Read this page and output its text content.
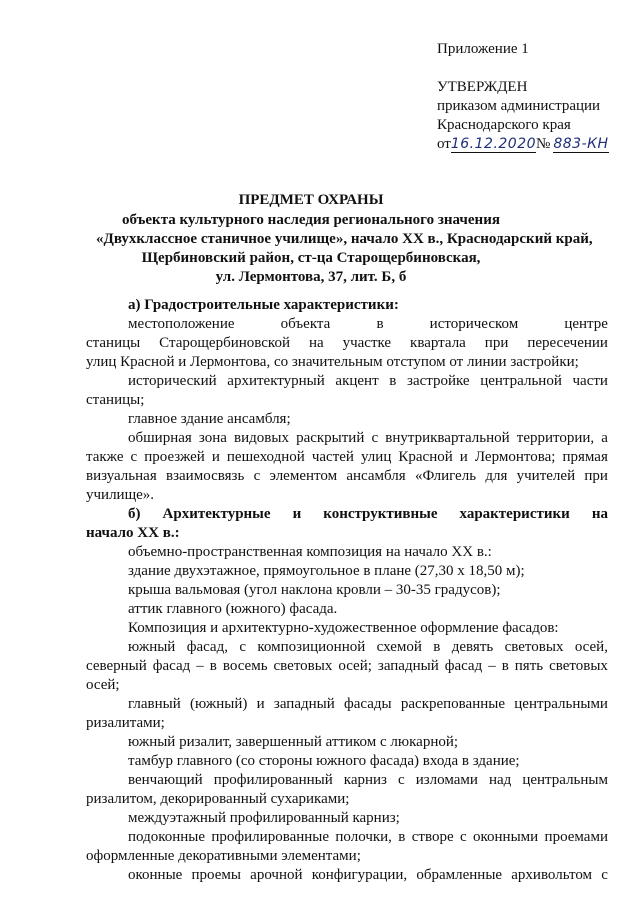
Приложение 1
УТВЕРЖДЕН
приказом администрации
Краснодарского края
от16.12.2020№ 883-КН
ПРЕДМЕТ ОХРАНЫ
объекта культурного наследия регионального значения
«Двухклассное станичное училище», начало XX в., Краснодарский край,
Щербиновский район, ст-ца Старощербиновская,
ул. Лермонтова, 37, лит. Б, б
а) Градостроительные характеристики:
местоположение	объекта	в	историческом	центре
станицы Старощербиновской на участке квартала при пересечении
улиц Красной и Лермонтова, со значительным отступом от линии застройки;
исторический архитектурный акцент в застройке центральной части
станицы;
главное здание ансамбля;
обширная зона видовых раскрытий с внутриквартальной территории, а
также с проезжей и пешеходной частей улиц Красной и Лермонтова; прямая
визуальная взаимосвязь с элементом ансамбля «Флигель для учителей при
училище».
б) Архитектурные и конструктивные характеристики на
начало XX в.:
объемно-пространственная композиция на начало XX в.:
здание двухэтажное, прямоугольное в плане (27,30 х 18,50 м);
крыша вальмовая (угол наклона кровли – 30-35 градусов);
аттик главного (южного) фасада.
Композиция и архитектурно-художественное оформление фасадов:
южный фасад, с композиционной схемой в девять световых осей,
северный фасад – в восемь световых осей; западный фасад – в пять световых
осей;
главный (южный) и западный фасады раскрепованные центральными
ризалитами;
южный ризалит, завершенный аттиком с люкарной;
тамбур главного (со стороны южного фасада) входа в здание;
венчающий профилированный карниз с изломами над центральным
ризалитом, декорированный сухариками;
междуэтажный профилированный карниз;
подоконные профилированные полочки, в створе с оконными проемами
оформленные декоративными элементами;
оконные проемы арочной конфигурации, обрамленные архивольтом с
